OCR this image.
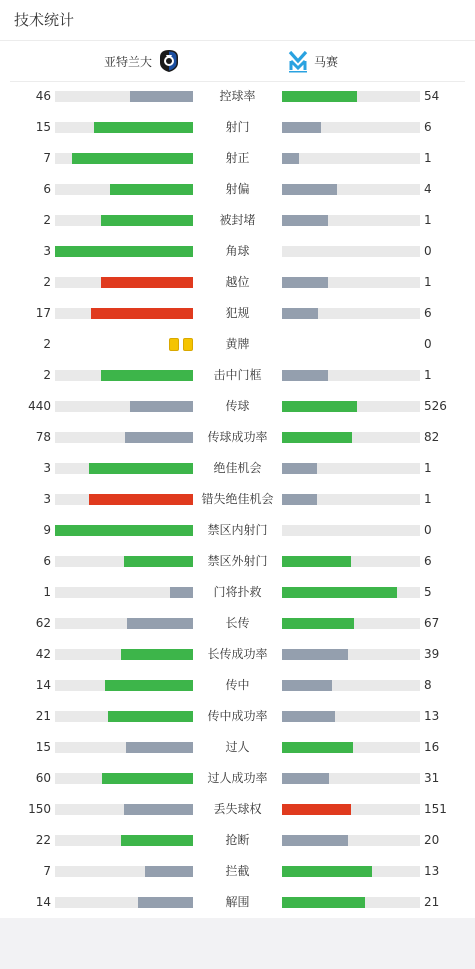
技术统计
亚特兰大	马赛
46	控球率	54
15	射门	6
7	射正	1
6	射偏	4
2	被封堵	1
3	角球	0
2	越位	1
17	犯规	6
2	黄牌	0
2	击中门框	1
440	传球	526
78	传球成功率	82
3	绝佳机会	1
3	错失绝佳机会	1
9	禁区内射门	0
6	禁区外射门	6
1	门将扑救	5
62	长传	67
42	长传成功率	39
14	传中	8
21	传中成功率	13
15	过人	16
60	过人成功率	31
150	丢失球权	151
22	抢断	20
7	拦截	13
14	解围	21
